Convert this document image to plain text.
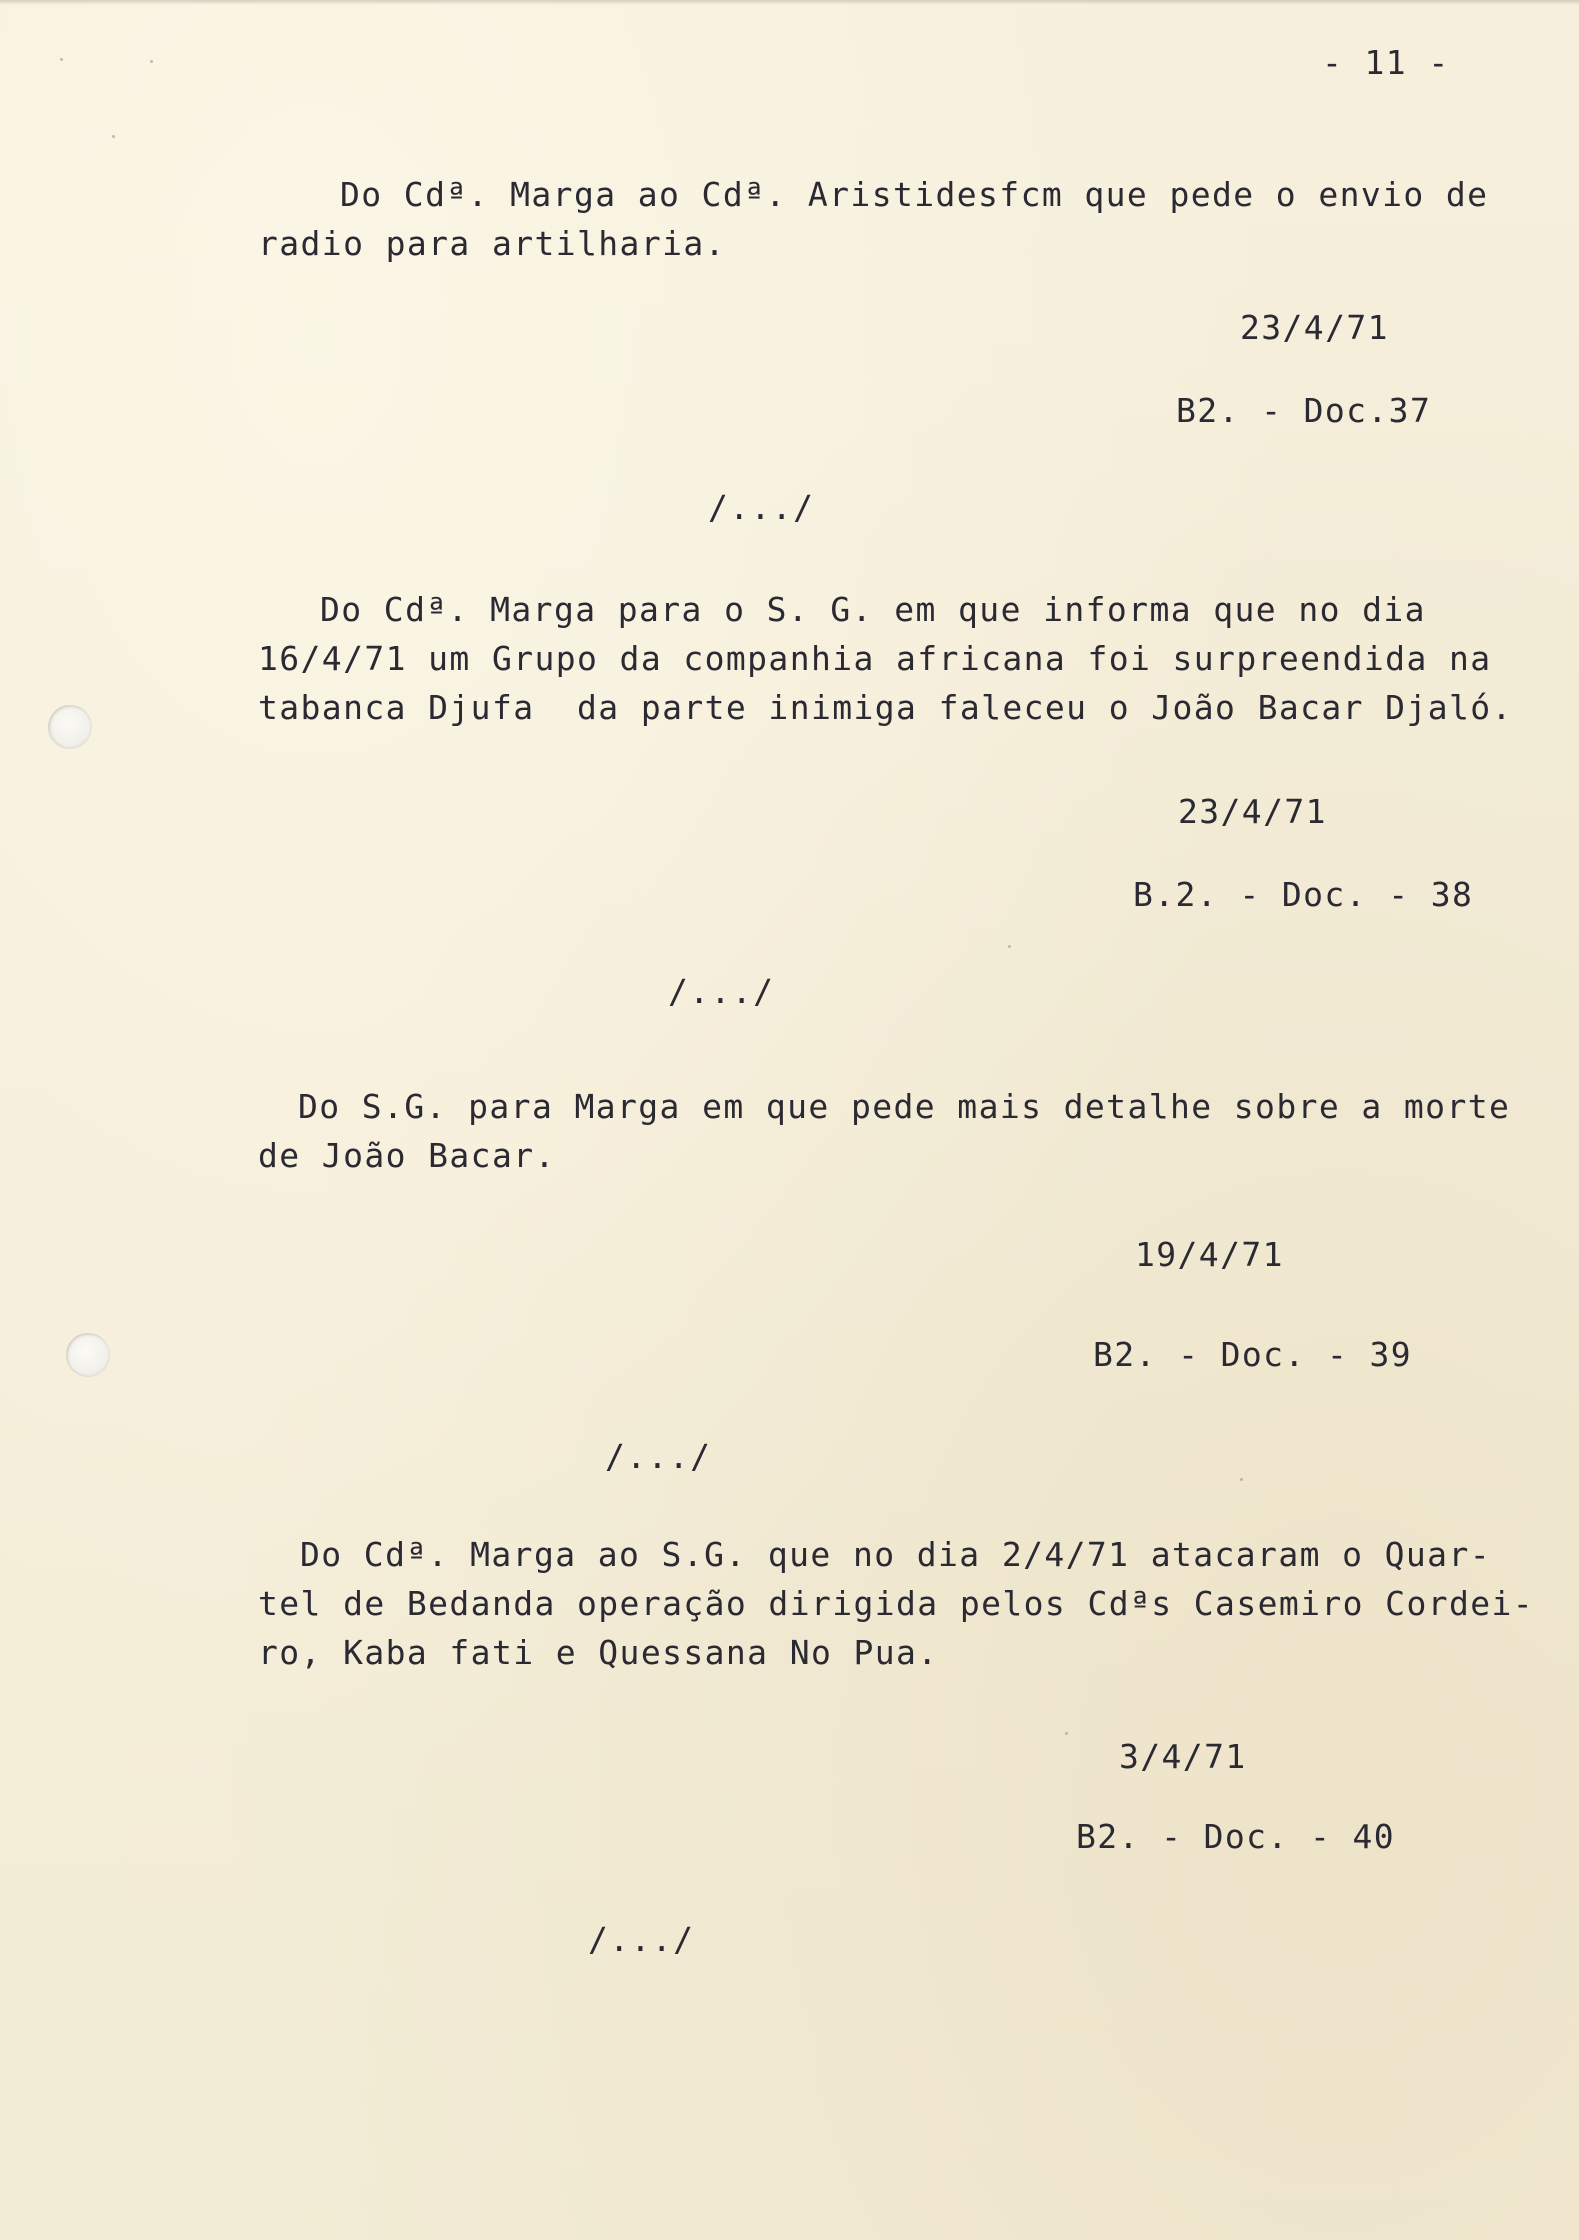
- 11 -

Do Cdª. Marga ao Cdª. Aristidesfcm que pede o envio de

radio para artilharia.

23/4/71
B2. - Doc.37
/.../

Do Cdª. Marga para o S. G. em que informa que no dia

16/4/71 um Grupo da companhia africana foi surpreendida na

tabanca Djufa  da parte inimiga faleceu o João Bacar Djaló.

23/4/71
B.2. - Doc. - 38
/.../

Do S.G. para Marga em que pede mais detalhe sobre a morte

de João Bacar.

19/4/71
B2. - Doc. - 39
/.../

Do Cdª. Marga ao S.G. que no dia 2/4/71 atacaram o Quar-

tel de Bedanda operação dirigida pelos Cdªs Casemiro Cordei-

ro, Kaba fati e Quessana No Pua.

3/4/71
B2. - Doc. - 40
/.../
